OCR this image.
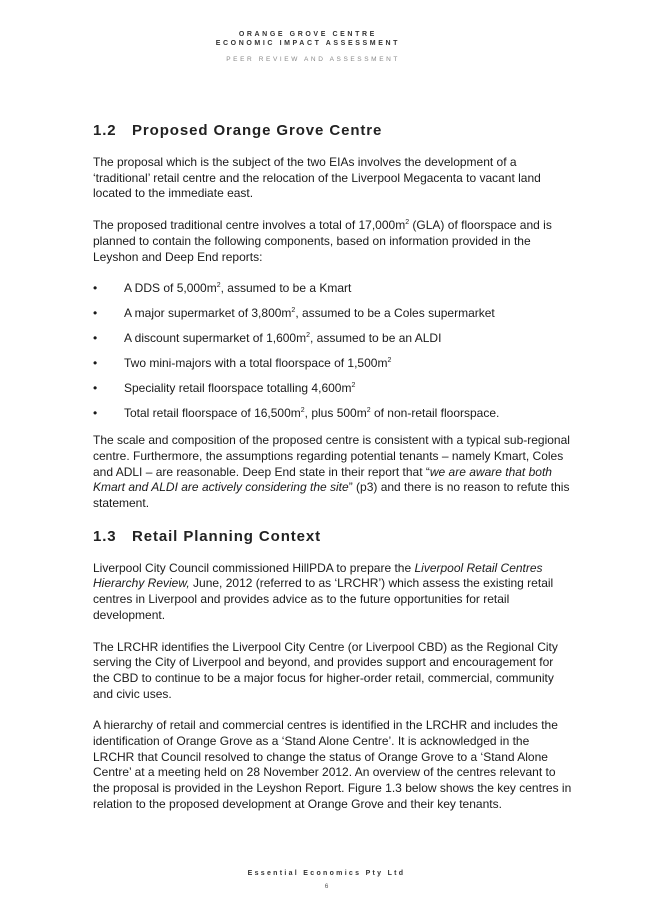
ORANGE GROVE CENTRE
ECONOMIC IMPACT ASSESSMENT
PEER REVIEW AND ASSESSMENT
1.2 Proposed Orange Grove Centre

The proposal which is the subject of the two EIAs involves the development of a ‘traditional’ retail centre and the relocation of the Liverpool Megacenta to vacant land located to the immediate east.

The proposed traditional centre involves a total of $17,000m^2$ (GLA) of floorspace and is planned to contain the following components, based on information provided in the Leyshon and Deep End reports:

• A DDS of $5,000m^2$, assumed to be a Kmart
• A major supermarket of $3,800m^2$, assumed to be a Coles supermarket
• A discount supermarket of $1,600m^2$, assumed to be an ALDI
• Two mini-majors with a total floorspace of $1,500m^2$
• Speciality retail floorspace totalling $4,600m^2$
• Total retail floorspace of $16,500m^2$, plus $500m^2$ of non-retail floorspace.

The scale and composition of the proposed centre is consistent with a typical sub-regional centre. Furthermore, the assumptions regarding potential tenants – namely Kmart, Coles and ADLI – are reasonable. Deep End state in their report that “we are aware that both Kmart and ALDI are actively considering the site” (p3) and there is no reason to refute this statement.

1.3 Retail Planning Context

Liverpool City Council commissioned HillPDA to prepare the Liverpool Retail Centres Hierarchy Review, June, 2012 (referred to as ‘LRCHR’) which assess the existing retail centres in Liverpool and provides advice as to the future opportunities for retail development.

The LRCHR identifies the Liverpool City Centre (or Liverpool CBD) as the Regional City serving the City of Liverpool and beyond, and provides support and encouragement for the CBD to continue to be a major focus for higher-order retail, commercial, community and civic uses.

A hierarchy of retail and commercial centres is identified in the LRCHR and includes the identification of Orange Grove as a ‘Stand Alone Centre’. It is acknowledged in the LRCHR that Council resolved to change the status of Orange Grove to a ‘Stand Alone Centre’ at a meeting held on 28 November 2012. An overview of the centres relevant to the proposal is provided in the Leyshon Report. Figure 1.3 below shows the key centres in relation to the proposed development at Orange Grove and their key tenants.

Essential Economics Pty Ltd
6
